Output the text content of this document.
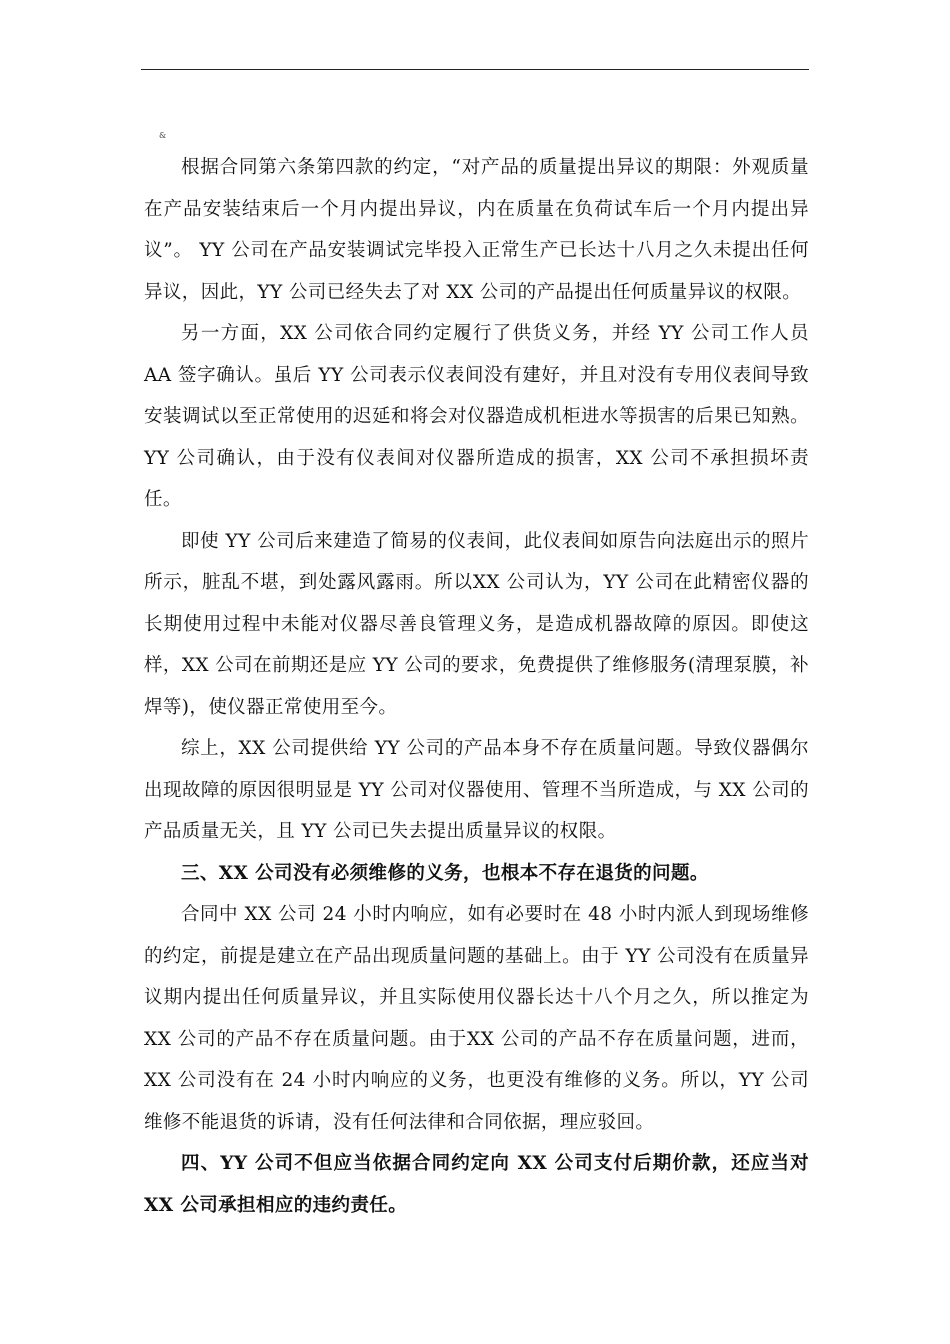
&

根据合同第六条第四款的约定，“对产品的质量提出异议的期限：外观质量在产品安装结束后一个月内提出异议，内在质量在负荷试车后一个月内提出异议”。 YY 公司在产品安装调试完毕投入正常生产已长达十八月之久未提出任何异议，因此，YY 公司已经失去了对 XX 公司的产品提出任何质量异议的权限。

另一方面，XX 公司依合同约定履行了供货义务，并经 YY 公司工作人员 AA 签字确认。虽后 YY 公司表示仪表间没有建好，并且对没有专用仪表间导致安装调试以至正常使用的迟延和将会对仪器造成机柜进水等损害的后果已知熟。 YY 公司确认，由于没有仪表间对仪器所造成的损害，XX 公司不承担损坏责任。

即使 YY 公司后来建造了简易的仪表间，此仪表间如原告向法庭出示的照片所示，脏乱不堪，到处露风露雨。所以XX 公司认为，YY 公司在此精密仪器的长期使用过程中未能对仪器尽善良管理义务，是造成机器故障的原因。即使这样，XX 公司在前期还是应 YY 公司的要求，免费提供了维修服务(清理泵膜，补焊等)，使仪器正常使用至今。

综上，XX 公司提供给 YY 公司的产品本身不存在质量问题。导致仪器偶尔出现故障的原因很明显是 YY 公司对仪器使用、管理不当所造成，与 XX 公司的产品质量无关，且 YY 公司已失去提出质量异议的权限。

三、XX 公司没有必须维修的义务，也根本不存在退货的问题。

合同中 XX 公司 24 小时内响应，如有必要时在 48 小时内派人到现场维修的约定，前提是建立在产品出现质量问题的基础上。由于 YY 公司没有在质量异议期内提出任何质量异议，并且实际使用仪器长达十八个月之久，所以推定为 XX 公司的产品不存在质量问题。由于XX 公司的产品不存在质量问题，进而，XX 公司没有在 24 小时内响应的义务，也更没有维修的义务。所以，YY 公司维修不能退货的诉请，没有任何法律和合同依据，理应驳回。

四、YY 公司不但应当依据合同约定向 XX 公司支付后期价款，还应当对 XX 公司承担相应的违约责任。
